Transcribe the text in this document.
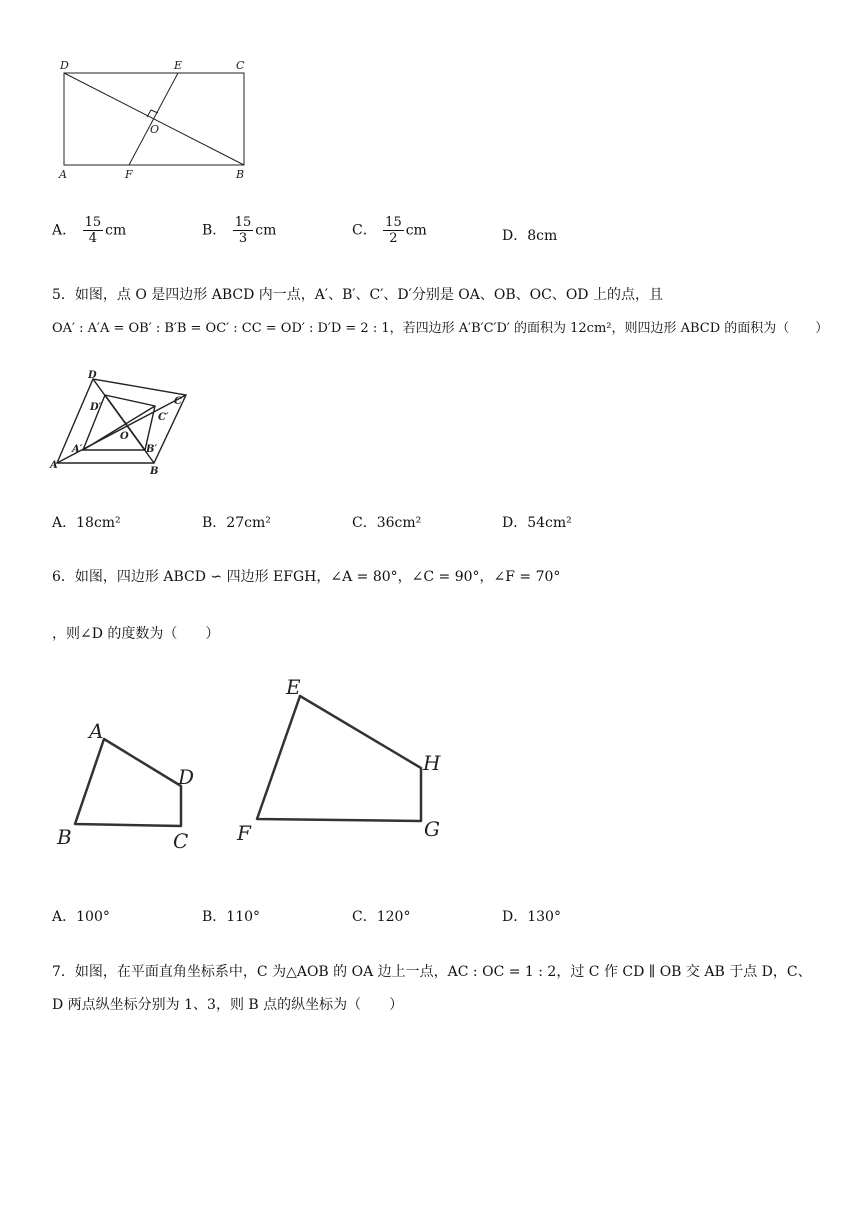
D	E	C
O
A	F	B
A． $\frac{15}{4}$ cm	B． $\frac{15}{3}$ cm	C． $\frac{15}{2}$ cm	D．8cm
5．如图，点 O 是四边形 ABCD 内一点，A′、B′、C′、D′分别是 OA、OB、OC、OD 上的点，且
OA′ : A′A = OB′ : B′B = OC′ : CC = OD′ : D′D = 2 : 1，若四边形 A′B′C′D′ 的面积为 12cm²，则四边形 ABCD 的面积为（　　）
D
D′
C
C′
O
A
A′
B
B′
A．18cm²	B．27cm²	C．36cm²	D．54cm²
6．如图，四边形 ABCD ∽ 四边形 EFGH，∠A = 80°，∠C = 90°，∠F = 70°
，则∠D 的度数为（　　）
A
B	C
D
E
F	G
H
A．100°	B．110°	C．120°	D．130°
7．如图，在平面直角坐标系中，C 为△AOB 的 OA 边上一点，AC : OC = 1 : 2，过 C 作 CD ∥ OB 交 AB 于点 D，C、
D 两点纵坐标分别为 1、3，则 B 点的纵坐标为（　　）
